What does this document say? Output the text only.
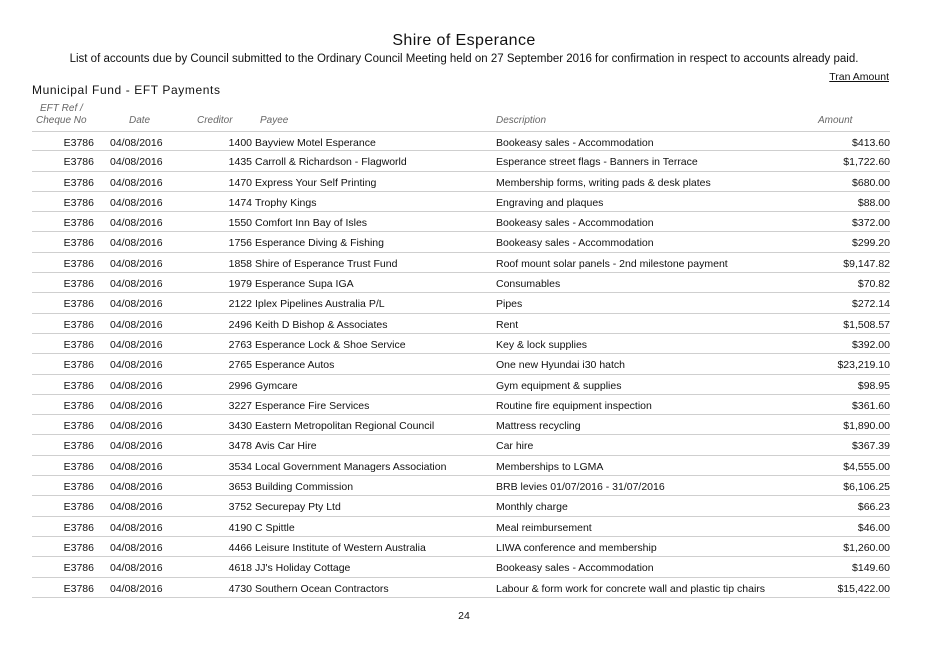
Shire of Esperance
List of accounts due by Council submitted to the Ordinary Council Meeting held on 27 September 2016 for confirmation in respect to accounts already paid.
Tran Amount
Municipal Fund - EFT Payments
EFT Ref /
Cheque No	Date	Creditor	Payee	Description	Amount
E3786 04/08/2016	1400 Bayview Motel Esperance	Bookeasy sales - Accommodation	$413.60
E3786 04/08/2016	1435 Carroll & Richardson - Flagworld	Esperance street flags - Banners in Terrace	$1,722.60
E3786 04/08/2016	1470 Express Your Self Printing	Membership forms, writing pads & desk plates	$680.00
E3786 04/08/2016	1474 Trophy Kings	Engraving and plaques	$88.00
E3786 04/08/2016	1550 Comfort Inn Bay of Isles	Bookeasy sales - Accommodation	$372.00
E3786 04/08/2016	1756 Esperance Diving & Fishing	Bookeasy sales - Accommodation	$299.20
E3786 04/08/2016	1858 Shire of Esperance Trust Fund	Roof mount solar panels - 2nd milestone payment	$9,147.82
E3786 04/08/2016	1979 Esperance Supa IGA	Consumables	$70.82
E3786 04/08/2016	2122 Iplex Pipelines Australia P/L	Pipes	$272.14
E3786 04/08/2016	2496 Keith D Bishop & Associates	Rent	$1,508.57
E3786 04/08/2016	2763 Esperance Lock & Shoe Service	Key & lock supplies	$392.00
E3786 04/08/2016	2765 Esperance Autos	One new Hyundai i30 hatch	$23,219.10
E3786 04/08/2016	2996 Gymcare	Gym equipment & supplies	$98.95
E3786 04/08/2016	3227 Esperance Fire Services	Routine fire equipment inspection	$361.60
E3786 04/08/2016	3430 Eastern Metropolitan Regional Council	Mattress recycling	$1,890.00
E3786 04/08/2016	3478 Avis Car Hire	Car hire	$367.39
E3786 04/08/2016	3534 Local Government Managers Association	Memberships to LGMA	$4,555.00
E3786 04/08/2016	3653 Building Commission	BRB levies 01/07/2016 - 31/07/2016	$6,106.25
E3786 04/08/2016	3752 Securepay Pty Ltd	Monthly charge	$66.23
E3786 04/08/2016	4190 C Spittle	Meal reimbursement	$46.00
E3786 04/08/2016	4466 Leisure Institute of Western Australia	LIWA conference and membership	$1,260.00
E3786 04/08/2016	4618 JJ's Holiday Cottage	Bookeasy sales - Accommodation	$149.60
E3786 04/08/2016	4730 Southern Ocean Contractors	Labour & form work for concrete wall and plastic tip chairs	$15,422.00
24
